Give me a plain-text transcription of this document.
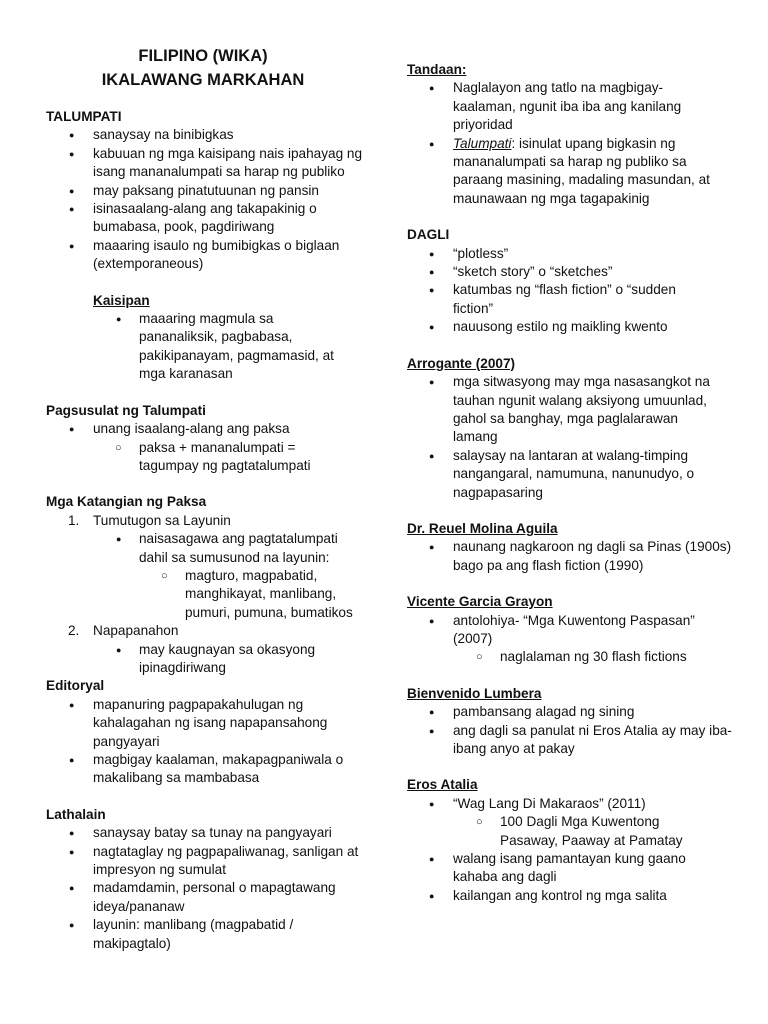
FILIPINO (WIKA)
IKALAWANG MARKAHAN
TALUMPATI
● sanaysay na binibigkas
● kabuuan ng mga kaisipang nais ipahayag ng isang mananalumpati sa harap ng publiko
● may paksang pinatutuunan ng pansin
● isinasaalang-alang ang takapakinig o bumabasa, pook, pagdiriwang
● maaaring isaulo ng bumibigkas o biglaan (extemporaneous)
Kaisipan
● maaaring magmula sa pananaliksik, pagbabasa, pakikipanayam, pagmamasid, at mga karanasan
Pagsusulat ng Talumpati
● unang isaalang-alang ang paksa
○ paksa + mananalumpati = tagumpay ng pagtatalumpati
Mga Katangian ng Paksa
1. Tumutugon sa Layunin
● naisasagawa ang pagtatalumpati dahil sa sumusunod na layunin:
○ magturo, magpabatid, manghikayat, manlibang, pumuri, pumuna, bumatikos
2. Napapanahon
● may kaugnayan sa okasyong ipinagdiriwang
Editoryal
● mapanuring pagpapakahulugan ng kahalagahan ng isang napapansahong pangyayari
● magbigay kaalaman, makapagpaniwala o makalibang sa mambabasa
Lathalain
● sanaysay batay sa tunay na pangyayari
● nagtataglay ng pagpapaliwanag, sanligan at impresyon ng sumulat
● madamdamin, personal o mapagtawang ideya/pananaw
● layunin: manlibang (magpabatid / makipagtalo)
Tandaan:
● Naglalayon ang tatlo na magbigay-kaalaman, ngunit iba iba ang kanilang priyoridad
● Talumpati: isinulat upang bigkasin ng mananalumpati sa harap ng publiko sa paraang masining, madaling masundan, at maunawaan ng mga tagapakinig
DAGLI
● “plotless”
● “sketch story” o “sketches”
● katumbas ng “flash fiction” o “sudden fiction”
● nauusong estilo ng maikling kwento
Arrogante (2007)
● mga sitwasyong may mga nasasangkot na tauhan ngunit walang aksiyong umuunlad, gahol sa banghay, mga paglalarawan lamang
● salaysay na lantaran at walang-timping nangangaral, namumuna, nanunudyo, o nagpapasaring
Dr. Reuel Molina Aguila
● naunang nagkaroon ng dagli sa Pinas (1900s) bago pa ang flash fiction (1990)
Vicente Garcia Grayon
● antolohiya- “Mga Kuwentong Paspasan” (2007)
○ naglalaman ng 30 flash fictions
Bienvenido Lumbera
● pambansang alagad ng sining
● ang dagli sa panulat ni Eros Atalia ay may iba-ibang anyo at pakay
Eros Atalia
● “Wag Lang Di Makaraos” (2011)
○ 100 Dagli Mga Kuwentong Pasaway, Paaway at Pamatay
● walang isang pamantayan kung gaano kahaba ang dagli
● kailangan ang kontrol ng mga salita
